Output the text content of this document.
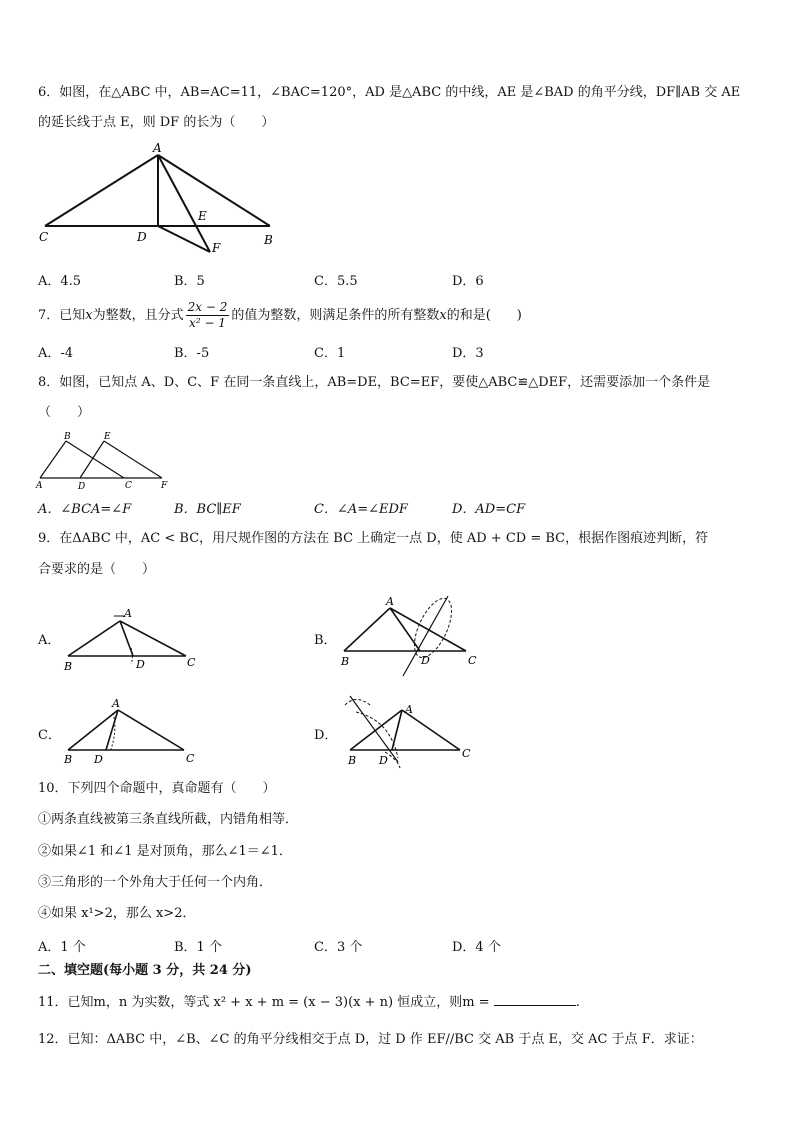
6．如图，在△ABC 中，AB=AC=11，∠BAC=120°，AD 是△ABC 的中线，AE 是∠BAD 的角平分线，DF∥AB 交 AE
的延长线于点 E，则 DF 的长为（　　）
A
C	D
E
F
B
A．4.5	B．5	C．5.5	D．6
7．已知x为整数，且分式 $\frac{2x - 2}{\text{x² − 1}}$ 的值为整数，则满足条件的所有整数x的和是(　　)
A．-4	B．-5	C．1	D．3
8．如图，已知点 A、D、C、F 在同一条直线上，AB=DE，BC=EF，要使△ABC≌△DEF，还需要添加一个条件是
（　　）
B	E
A	D	C	F
A．∠BCA=∠F	B．BC∥EF	C．∠A=∠EDF	D．AD=CF
9．在ΔABC 中，AC < BC，用尺规作图的方法在 BC 上确定一点 D，使 AD + CD = BC，根据作图痕迹判断，符
合要求的是（　　）
A．	B．
C．	D．
A
B	D	C
A
B	D	C
A
B D	C
A
B D
C
10．下列四个命题中，真命题有（　　）
①两条直线被第三条直线所截，内错角相等．
②如果∠1 和∠1 是对顶角，那么∠1＝∠1．
③三角形的一个外角大于任何一个内角．
④如果 x¹>2，那么 x>2．
A．1 个	B．1 个	C．3 个	D．4 个
二、填空题(每小题 3 分，共 24 分)
11．已知m，n 为实数，等式 x² + x + m = (x − 3)(x + n) 恒成立，则m =	.
12．已知：ΔABC 中，∠B、∠C 的角平分线相交于点 D，过 D 作 EF//BC 交 AB 于点 E，交 AC 于点 F．求证：
